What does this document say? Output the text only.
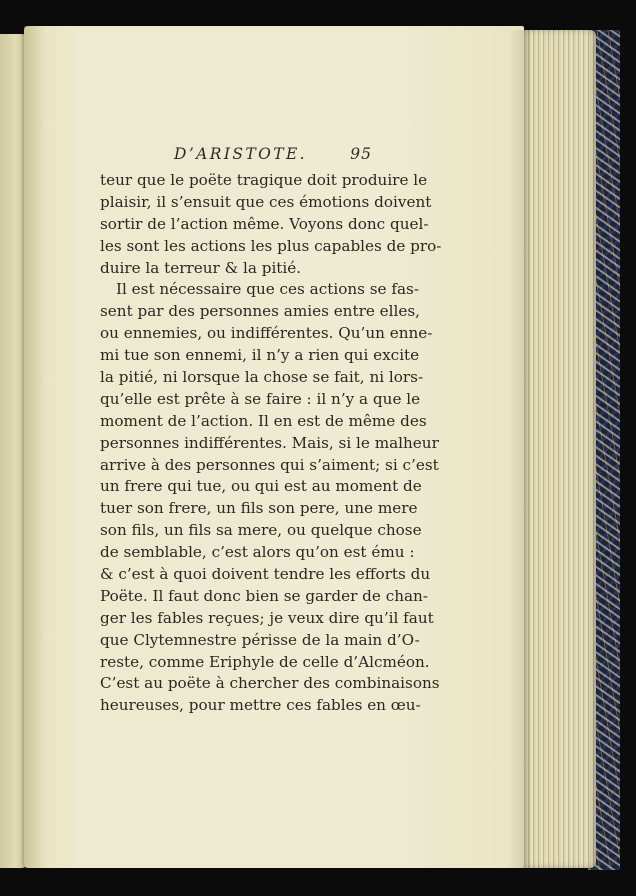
D’ARISTOTE.	95
teur que le poëte tragique doit produire le
plaisir, il s’ensuit que ces émotions doivent
sortir de l’action même. Voyons donc quel-
les sont les actions les plus capables de pro-
duire la terreur & la pitié.
Il est nécessaire que ces actions se fas-
sent par des personnes amies entre elles,
ou ennemies, ou indifférentes. Qu’un enne-
mi tue son ennemi, il n’y a rien qui excite
la pitié, ni lorsque la chose se fait, ni lors-
qu’elle est prête à se faire : il n’y a que le
moment de l’action. Il en est de même des
personnes indifférentes. Mais, si le malheur
arrive à des personnes qui s’aiment; si c’est
un frere qui tue, ou qui est au moment de
tuer son frere, un fils son pere, une mere
son fils, un fils sa mere, ou quelque chose
de semblable, c’est alors qu’on est ému :
& c’est à quoi doivent tendre les efforts du
Poëte. Il faut donc bien se garder de chan-
ger les fables reçues; je veux dire qu’il faut
que Clytemnestre périsse de la main d’O-
reste, comme Eriphyle de celle d’Alcméon.
C’est au poëte à chercher des combinaisons
heureuses, pour mettre ces fables en œu-
